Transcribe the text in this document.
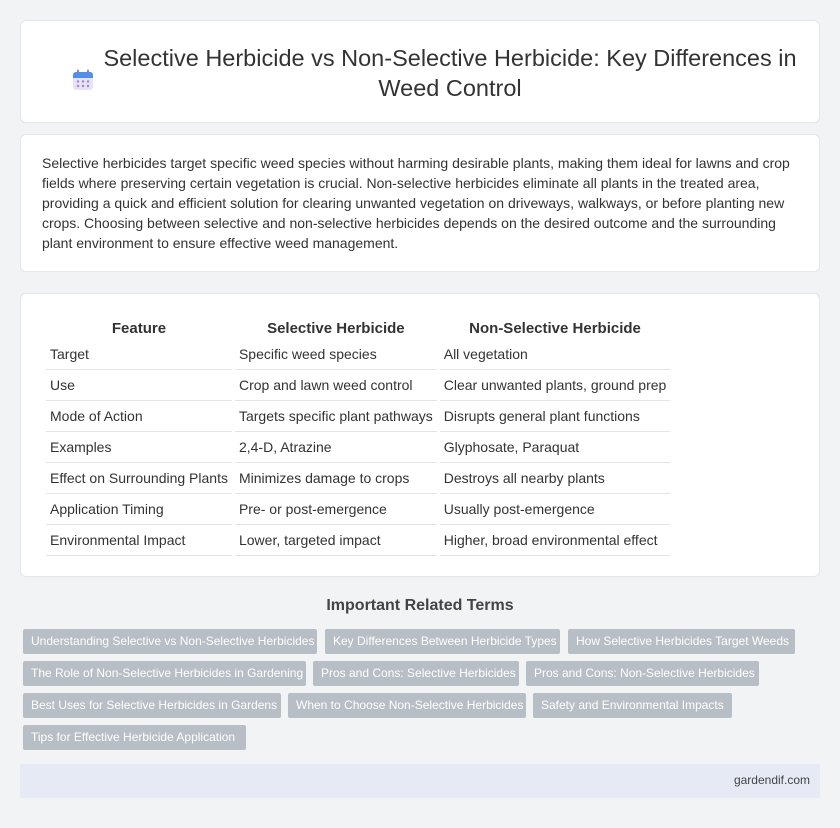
Selective Herbicide vs Non-Selective Herbicide: Key Differences in Weed Control

Selective herbicides target specific weed species without harming desirable plants, making them ideal for lawns and crop fields where preserving certain vegetation is crucial. Non-selective herbicides eliminate all plants in the treated area, providing a quick and efficient solution for clearing unwanted vegetation on driveways, walkways, or before planting new crops. Choosing between selective and non-selective herbicides depends on the desired outcome and the surrounding plant environment to ensure effective weed management.

Feature	Selective Herbicide	Non-Selective Herbicide
Target	Specific weed species	All vegetation
Use	Crop and lawn weed control	Clear unwanted plants, ground prep
Mode of Action	Targets specific plant pathways	Disrupts general plant functions
Examples	2,4-D, Atrazine	Glyphosate, Paraquat
Effect on Surrounding Plants	Minimizes damage to crops	Destroys all nearby plants
Application Timing	Pre- or post-emergence	Usually post-emergence
Environmental Impact	Lower, targeted impact	Higher, broad environmental effect
Important Related Terms
Understanding Selective vs Non-Selective Herbicides	Key Differences Between Herbicide Types	How Selective Herbicides Target Weeds
The Role of Non-Selective Herbicides in Gardening	Pros and Cons: Selective Herbicides	Pros and Cons: Non-Selective Herbicides
Best Uses for Selective Herbicides in Gardens	When to Choose Non-Selective Herbicides	Safety and Environmental Impacts
Tips for Effective Herbicide Application
gardendif.com
